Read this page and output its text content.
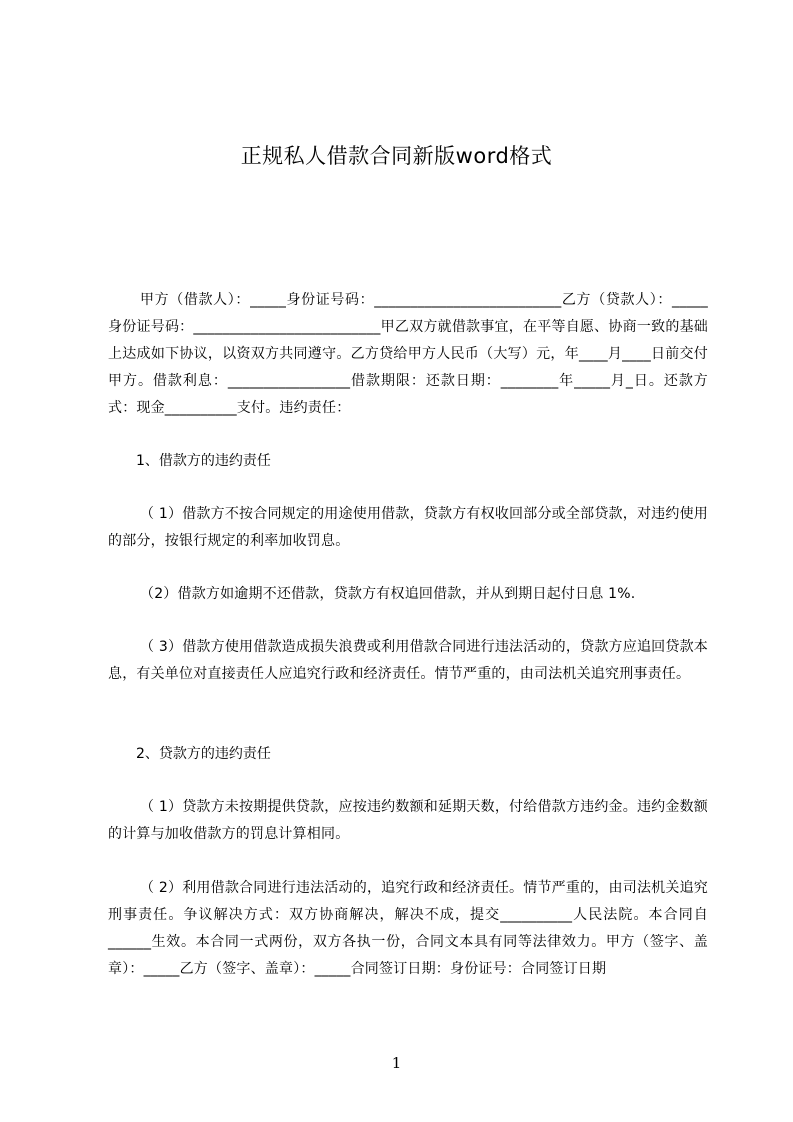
正规私人借款合同新版word格式

甲方（借款人）：_____身份证号码：__________________________乙方（贷款人）：_____身份证号码：__________________________甲乙双方就借款事宜，在平等自愿、协商一致的基础上达成如下协议，以资双方共同遵守。乙方贷给甲方人民币（大写）元，年____月____日前交付甲方。借款利息：_________________借款期限：还款日期：________年_____月_日。还款方式：现金__________支付。违约责任：

1、借款方的违约责任

（ 1）借款方不按合同规定的用途使用借款，贷款方有权收回部分或全部贷款，对违约使用的部分，按银行规定的利率加收罚息。

（2）借款方如逾期不还借款，贷款方有权追回借款，并从到期日起付日息 1%.

（ 3）借款方使用借款造成损失浪费或利用借款合同进行违法活动的，贷款方应追回贷款本息，有关单位对直接责任人应追究行政和经济责任。情节严重的，由司法机关追究刑事责任。

2、贷款方的违约责任

（ 1）贷款方未按期提供贷款，应按违约数额和延期天数，付给借款方违约金。违约金数额的计算与加收借款方的罚息计算相同。

（ 2）利用借款合同进行违法活动的，追究行政和经济责任。情节严重的，由司法机关追究刑事责任。争议解决方式：双方协商解决，解决不成，提交__________人民法院。本合同自______生效。本合同一式两份，双方各执一份，合同文本具有同等法律效力。甲方（签字、盖章）：_____乙方（签字、盖章）：_____合同签订日期：身份证号：合同签订日期

1
